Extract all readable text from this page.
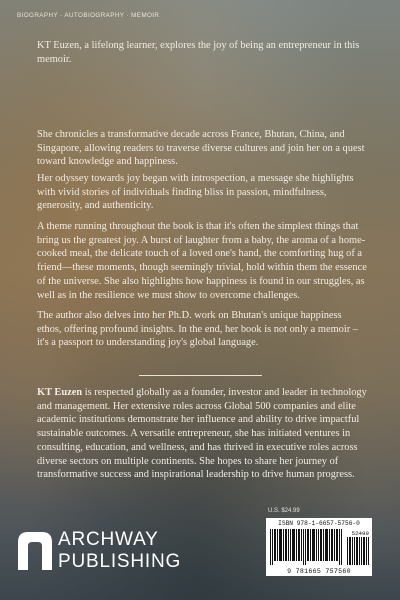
BIOGRAPHY · AUTOBIOGRAPHY · MEMOIR

KT Euzen, a lifelong learner, explores the joy of being an entrepreneur in this memoir.

She chronicles a transformative decade across France, Bhutan, China, and Singapore, allowing readers to traverse diverse cultures and join her on a quest toward knowledge and happiness.

Her odyssey towards joy began with introspection, a message she highlights with vivid stories of individuals finding bliss in passion, mindfulness, generosity, and authenticity.

A theme running throughout the book is that it's often the simplest things that bring us the greatest joy. A burst of laughter from a baby, the aroma of a home-cooked meal, the delicate touch of a loved one's hand, the comforting hug of a friend—these moments, though seemingly trivial, hold within them the essence of the universe. She also highlights how happiness is found in our struggles, as well as in the resilience we must show to overcome challenges.

The author also delves into her Ph.D. work on Bhutan's unique happiness ethos, offering profound insights. In the end, her book is not only a memoir – it's a passport to understanding joy's global language.

KT Euzen is respected globally as a founder, investor and leader in technology and management. Her extensive roles across Global 500 companies and elite academic institutions demonstrate her influence and ability to drive impactful sustainable outcomes. A versatile entrepreneur, she has initiated ventures in consulting, education, and wellness, and has thrived in executive roles across diverse sectors on multiple continents. She hopes to share her journey of transformative success and inspirational leadership to drive human progress.

U.S. $24.99
ISBN 978-1-6657-5756-0
52499
9 781665 757560
ARCHWAY
PUBLISHING
